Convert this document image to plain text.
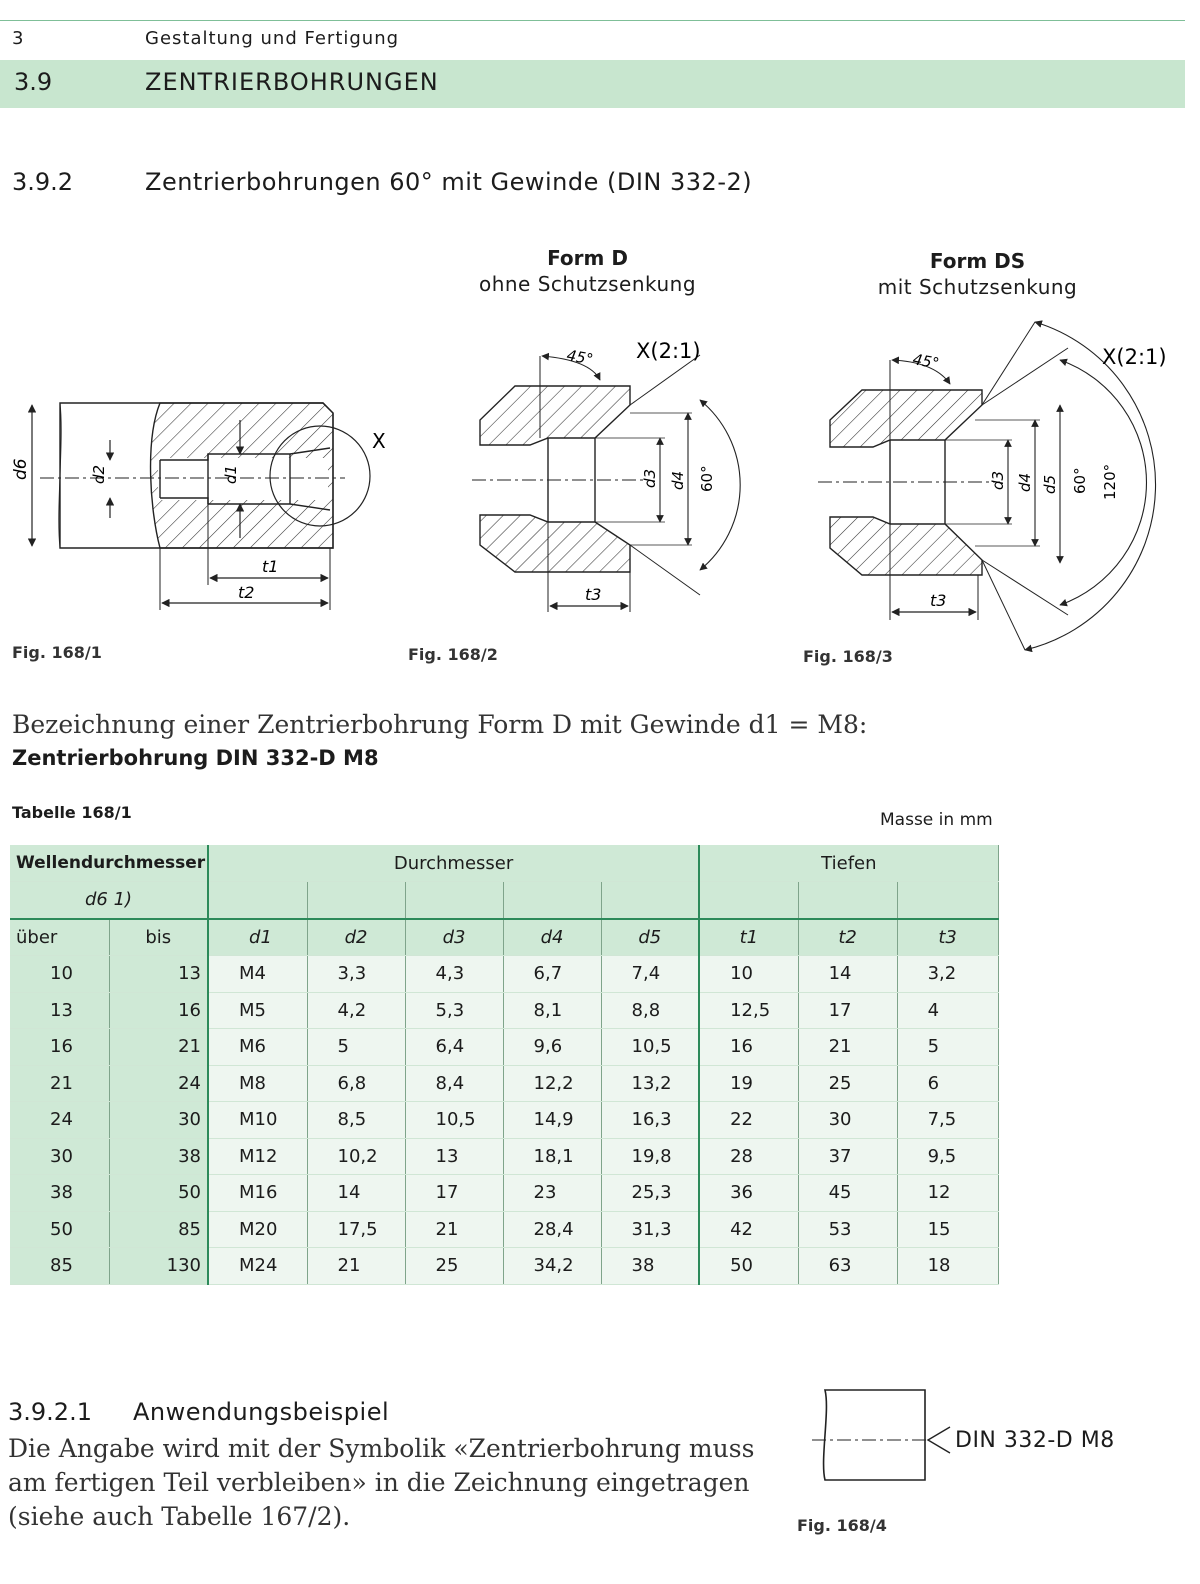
3	Gestaltung und Fertigung
3.9	ZENTRIERBOHRUNGEN
3.9.2	Zentrierbohrungen 60° mit Gewinde (DIN 332-2)
Form D
ohne Schutzsenkung
Form DS
mit Schutzsenkung
d6	d2	d1
X
t1
t2
45° X(2:1)
d3 d4 60°
t3
45°	X(2:1)
d3 d4 d5 60° 120°
t3
Fig. 168/1	Fig. 168/2	Fig. 168/3
Bezeichnung einer Zentrierbohrung Form D mit Gewinde d1 = M8:
Zentrierbohrung DIN 332-D M8
Tabelle 168/1	Masse in mm
Wellendurchmesser		Durchmesser					Tiefen		
d6 1)									
über	bis	d1	d2	d3	d4	d5	t1	t2	t3
10	13	M4	3,3	4,3	6,7	7,4	10	14	3,2
13	16	M5	4,2	5,3	8,1	8,8	12,5	17	4
16	21	M6	5	6,4	9,6	10,5	16	21	5
21	24	M8	6,8	8,4	12,2	13,2	19	25	6
24	30	M10	8,5	10,5	14,9	16,3	22	30	7,5
30	38	M12	10,2	13	18,1	19,8	28	37	9,5
38	50	M16	14	17	23	25,3	36	45	12
50	85	M20	17,5	21	28,4	31,3	42	53	15
85	130	M24	21	25	34,2	38	50	63	18
3.9.2.1 Anwendungsbeispiel
Die Angabe wird mit der Symbolik «Zentrierbohrung muss am fertigen Teil verbleiben» in die Zeichnung eingetragen (siehe auch Tabelle 167/2).
DIN 332-D M8
Fig. 168/4
